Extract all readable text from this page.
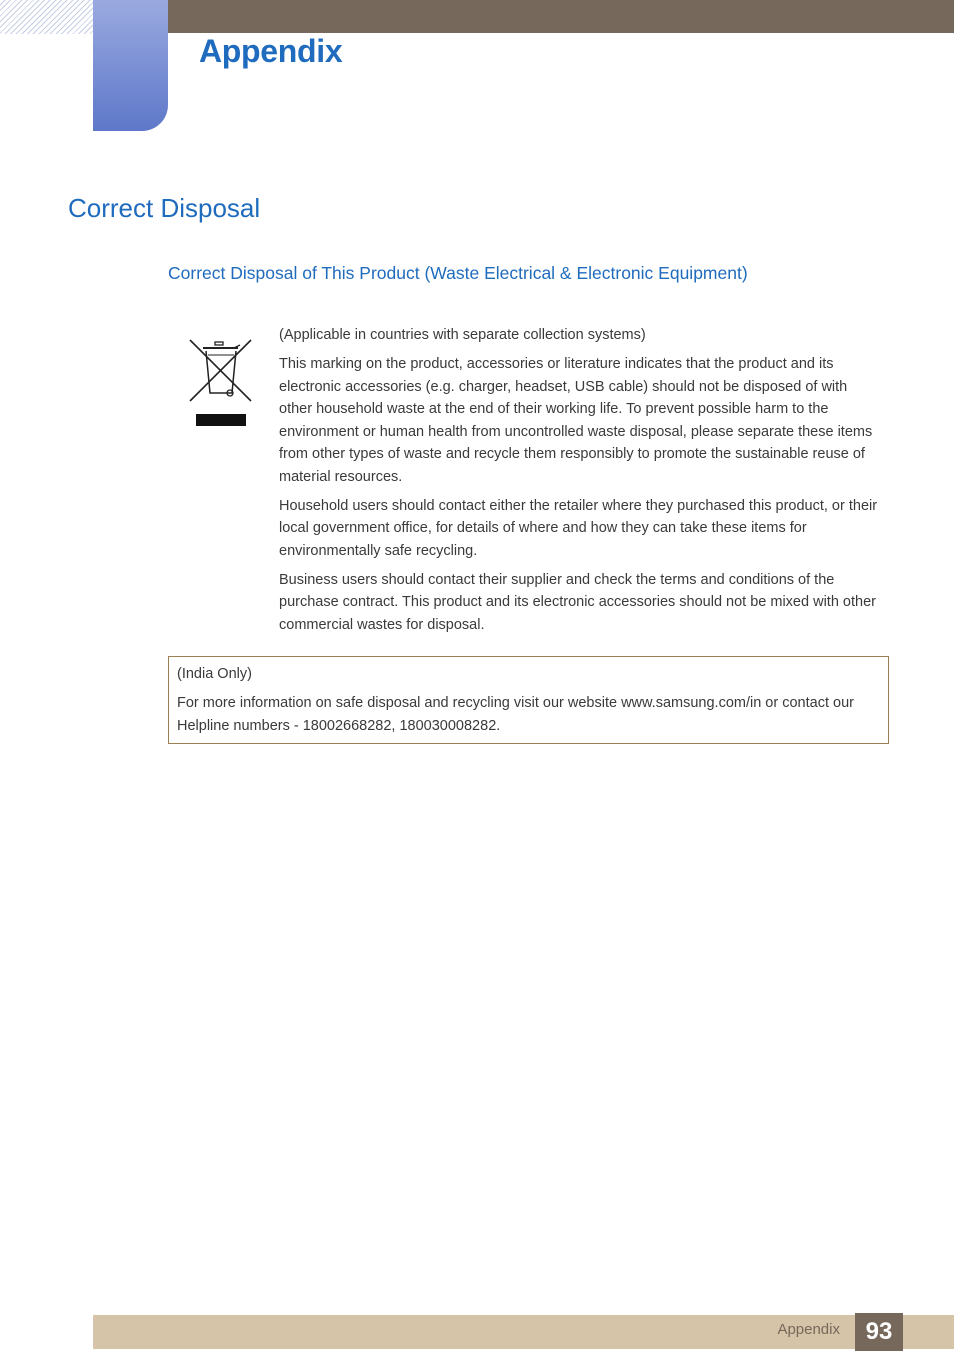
Appendix
Correct Disposal
Correct Disposal of This Product (Waste Electrical & Electronic Equipment)

(Applicable in countries with separate collection systems)

This marking on the product, accessories or literature indicates that the product and its electronic accessories (e.g. charger, headset, USB cable) should not be disposed of with other household waste at the end of their working life. To prevent possible harm to the environment or human health from uncontrolled waste disposal, please separate these items from other types of waste and recycle them responsibly to promote the sustainable reuse of material resources.

Household users should contact either the retailer where they purchased this product, or their local government office, for details of where and how they can take these items for environmentally safe recycling.

Business users should contact their supplier and check the terms and conditions of the purchase contract. This product and its electronic accessories should not be mixed with other commercial wastes for disposal.

(India Only)

For more information on safe disposal and recycling visit our website www.samsung.com/in or contact our Helpline numbers - 18002668282, 180030008282.

Appendix	93
